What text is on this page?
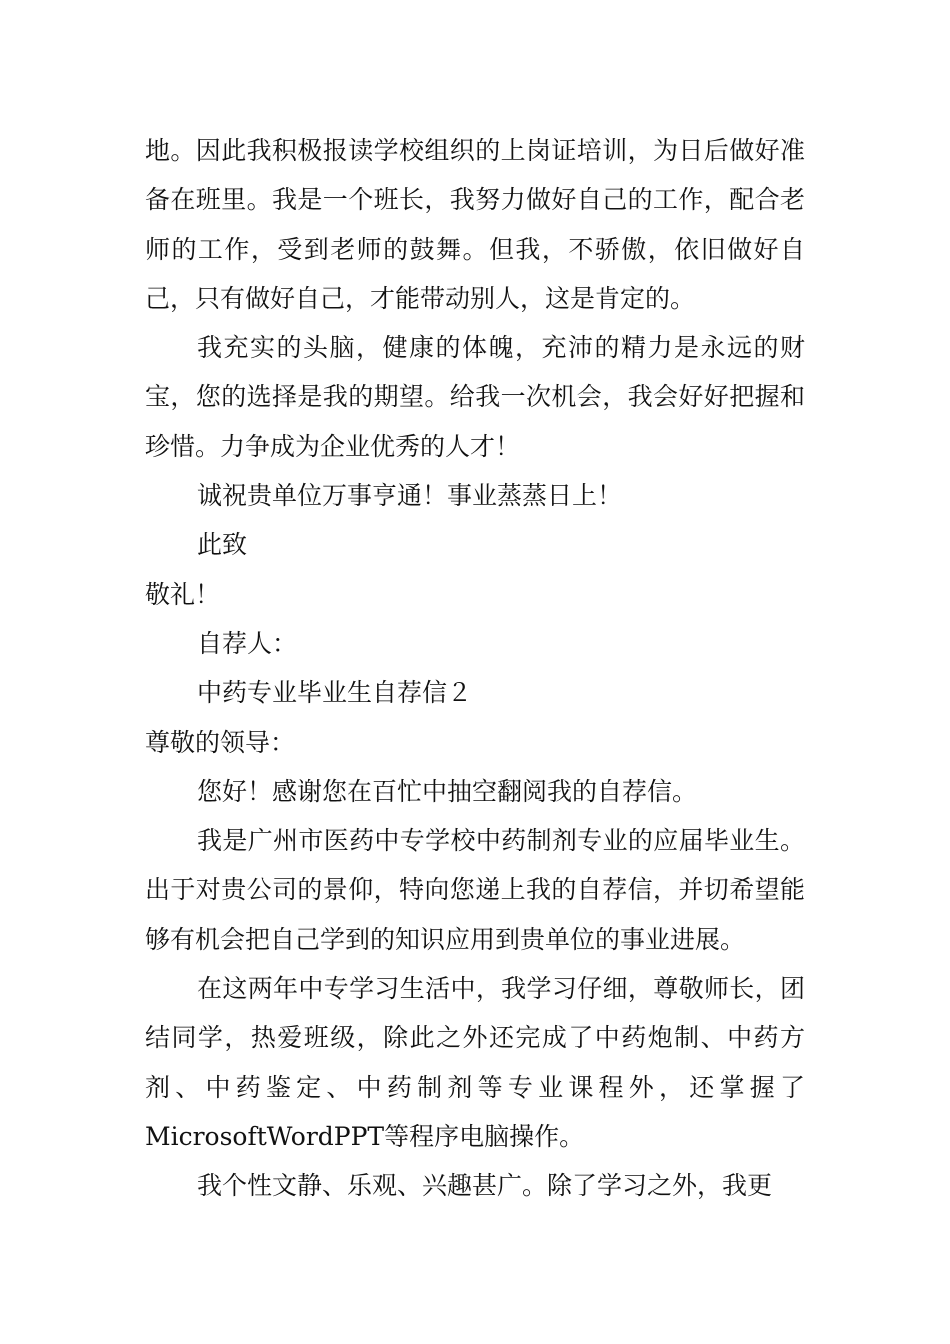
地。因此我积极报读学校组织的上岗证培训，为日后做好准备在班里。我是一个班长，我努力做好自己的工作，配合老师的工作，受到老师的鼓舞。但我，不骄傲，依旧做好自己，只有做好自己，才能带动别人，这是肯定的。

我充实的头脑，健康的体魄，充沛的精力是永远的财宝，您的选择是我的期望。给我一次机会，我会好好把握和珍惜。力争成为企业优秀的人才！

诚祝贵单位万事亨通！事业蒸蒸日上！

此致

敬礼！

自荐人：

中药专业毕业生自荐信２

尊敬的领导：

您好！感谢您在百忙中抽空翻阅我的自荐信。

我是广州市医药中专学校中药制剂专业的应届毕业生。出于对贵公司的景仰，特向您递上我的自荐信，并切希望能够有机会把自己学到的知识应用到贵单位的事业进展。

在这两年中专学习生活中，我学习仔细，尊敬师长，团结同学，热爱班级，除此之外还完成了中药炮制、中药方剂、中药鉴定、中药制剂等专业课程外，还掌握了MicrosoftWordPPT等程序电脑操作。

我个性文静、乐观、兴趣甚广。除了学习之外，我更
